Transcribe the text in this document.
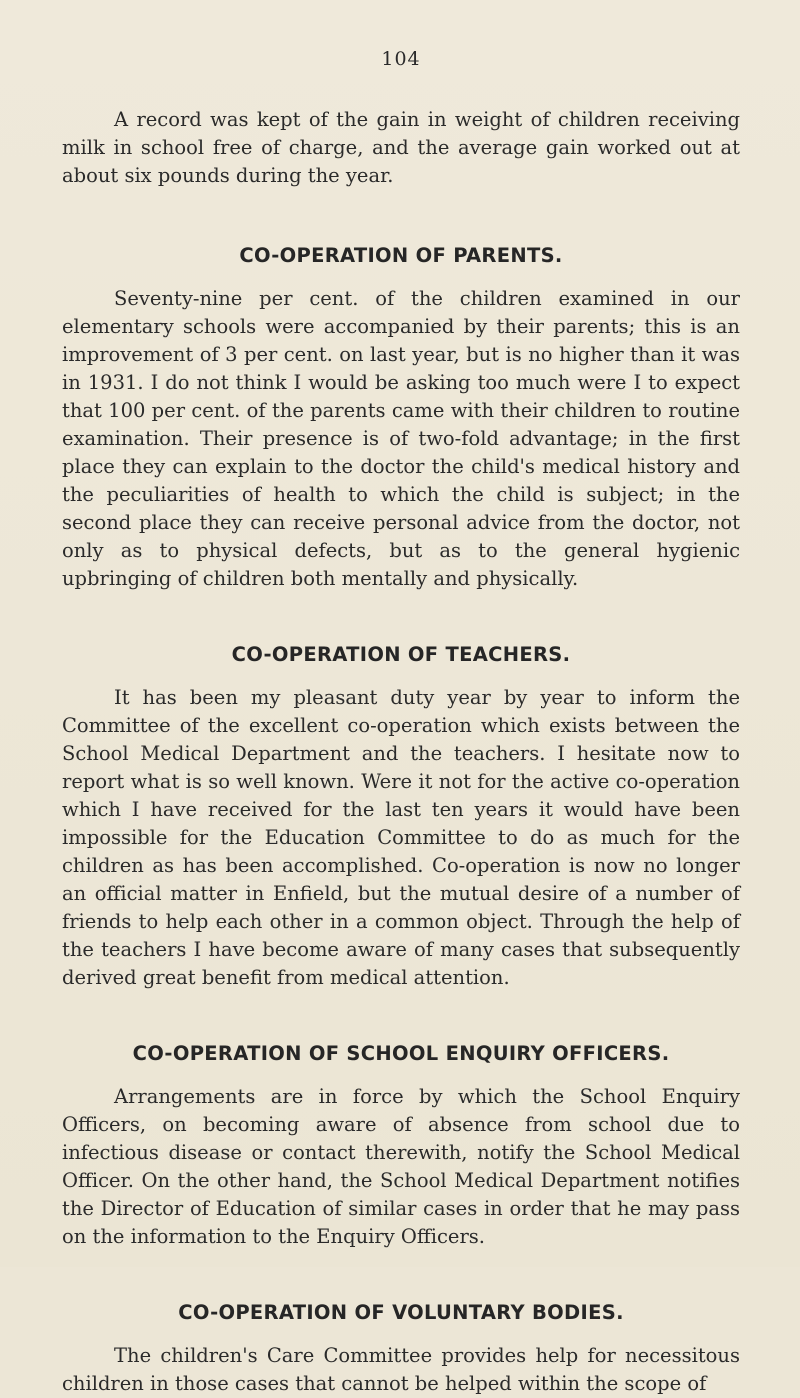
104

A record was kept of the gain in weight of children receiving milk in school free of charge, and the average gain worked out at about six pounds during the year.

CO-OPERATION OF PARENTS.

Seventy-nine per cent. of the children examined in our elementary schools were accompanied by their parents; this is an improvement of 3 per cent. on last year, but is no higher than it was in 1931. I do not think I would be asking too much were I to expect that 100 per cent. of the parents came with their children to routine examination. Their presence is of two-fold advantage; in the first place they can explain to the doctor the child's medical history and the peculiarities of health to which the child is subject; in the second place they can receive personal advice from the doctor, not only as to physical defects, but as to the general hygienic upbringing of children both mentally and physically.

CO-OPERATION OF TEACHERS.

It has been my pleasant duty year by year to inform the Committee of the excellent co-operation which exists between the School Medical Department and the teachers. I hesitate now to report what is so well known. Were it not for the active co-operation which I have received for the last ten years it would have been impossible for the Education Committee to do as much for the children as has been accomplished. Co-operation is now no longer an official matter in Enfield, but the mutual desire of a number of friends to help each other in a common object. Through the help of the teachers I have become aware of many cases that subsequently derived great benefit from medical attention.

CO-OPERATION OF SCHOOL ENQUIRY OFFICERS.

Arrangements are in force by which the School Enquiry Officers, on becoming aware of absence from school due to infectious disease or contact therewith, notify the School Medical Officer. On the other hand, the School Medical Department notifies the Director of Education of similar cases in order that he may pass on the information to the Enquiry Officers.

CO-OPERATION OF VOLUNTARY BODIES.

The children's Care Committee provides help for necessitous children in those cases that cannot be helped within the scope of
